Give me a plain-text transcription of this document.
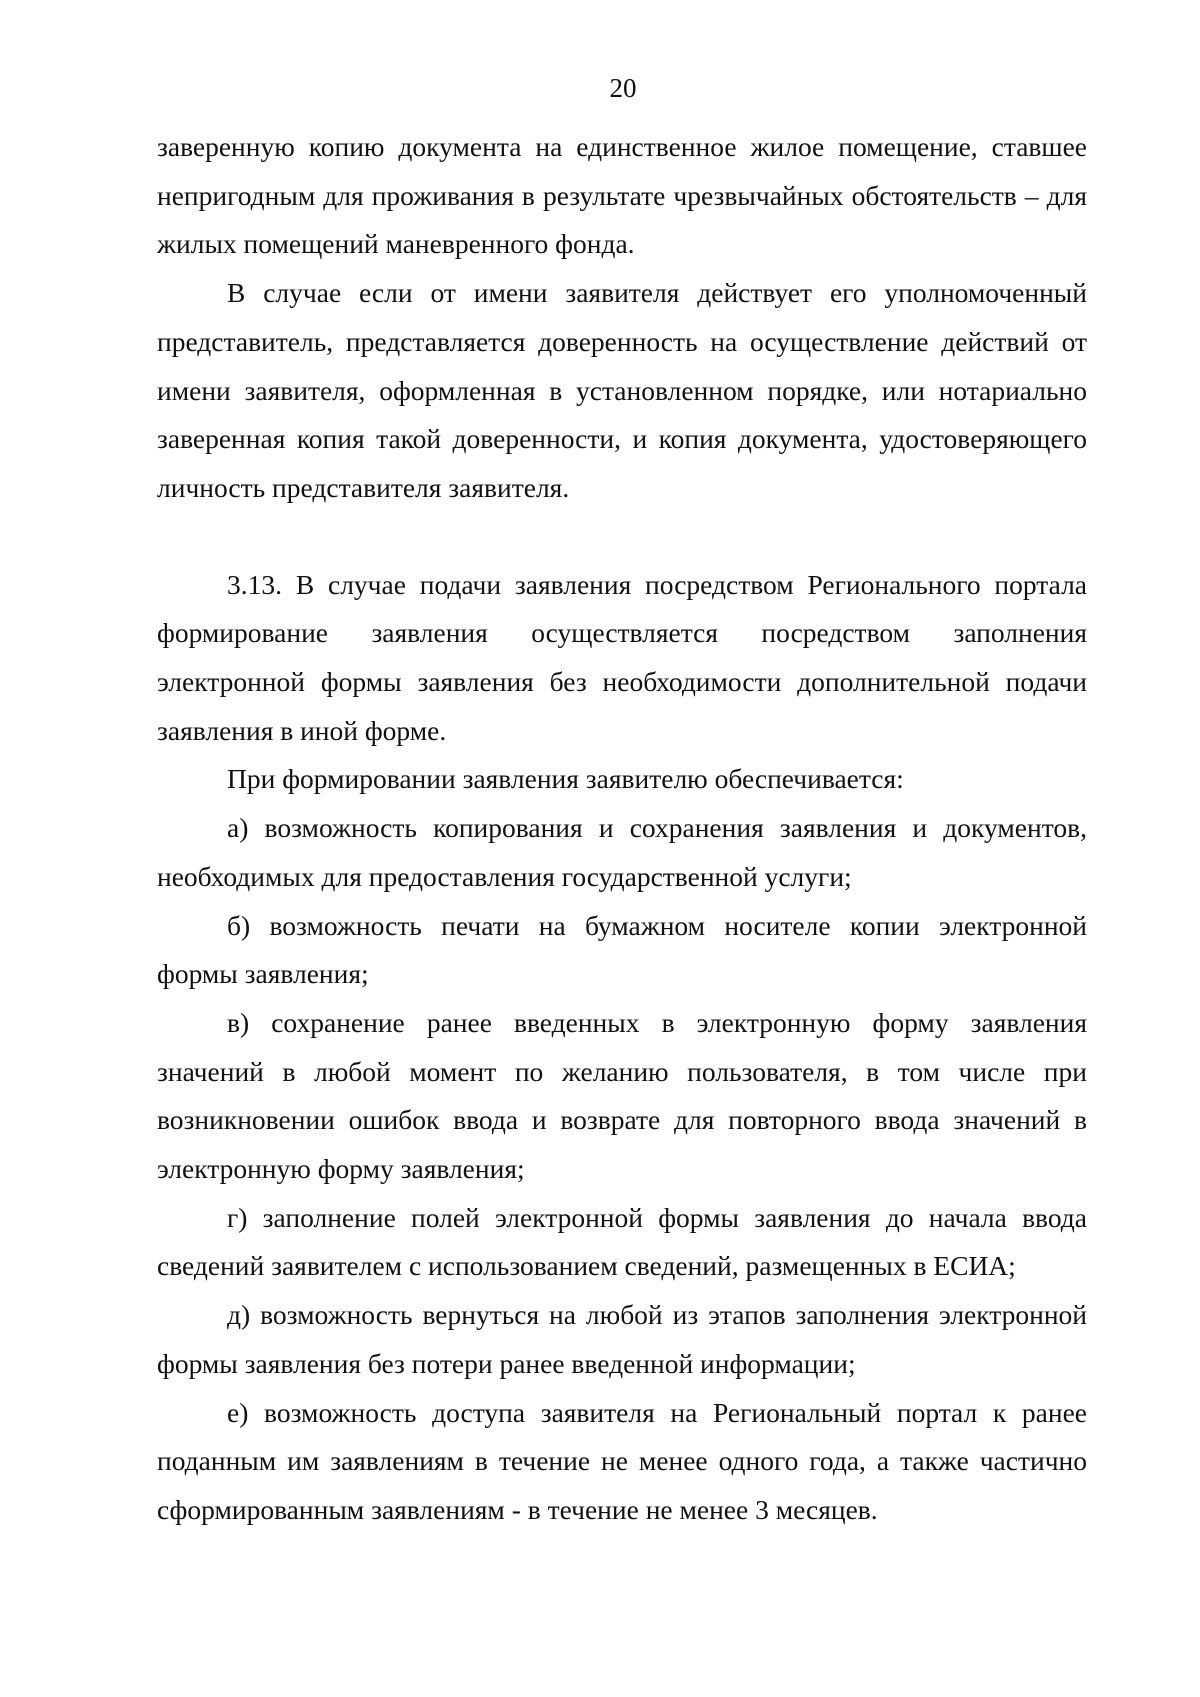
20

заверенную копию документа на единственное жилое помещение, ставшее непригодным для проживания в результате чрезвычайных обстоятельств – для жилых помещений маневренного фонда.

В случае если от имени заявителя действует его уполномоченный представитель, представляется доверенность на осуществление действий от имени заявителя, оформленная в установленном порядке, или нотариально заверенная копия такой доверенности, и копия документа, удостоверяющего личность представителя заявителя.

3.13. В случае подачи заявления посредством Регионального портала формирование заявления осуществляется посредством заполнения электронной формы заявления без необходимости дополнительной подачи заявления в иной форме.

При формировании заявления заявителю обеспечивается:

а) возможность копирования и сохранения заявления и документов, необходимых для предоставления государственной услуги;

б) возможность печати на бумажном носителе копии электронной формы заявления;

в) сохранение ранее введенных в электронную форму заявления значений в любой момент по желанию пользователя, в том числе при возникновении ошибок ввода и возврате для повторного ввода значений в электронную форму заявления;

г) заполнение полей электронной формы заявления до начала ввода сведений заявителем с использованием сведений, размещенных в ЕСИА;

д) возможность вернуться на любой из этапов заполнения электронной формы заявления без потери ранее введенной информации;

е) возможность доступа заявителя на Региональный портал к ранее поданным им заявлениям в течение не менее одного года, а также частично сформированным заявлениям - в течение не менее 3 месяцев.
